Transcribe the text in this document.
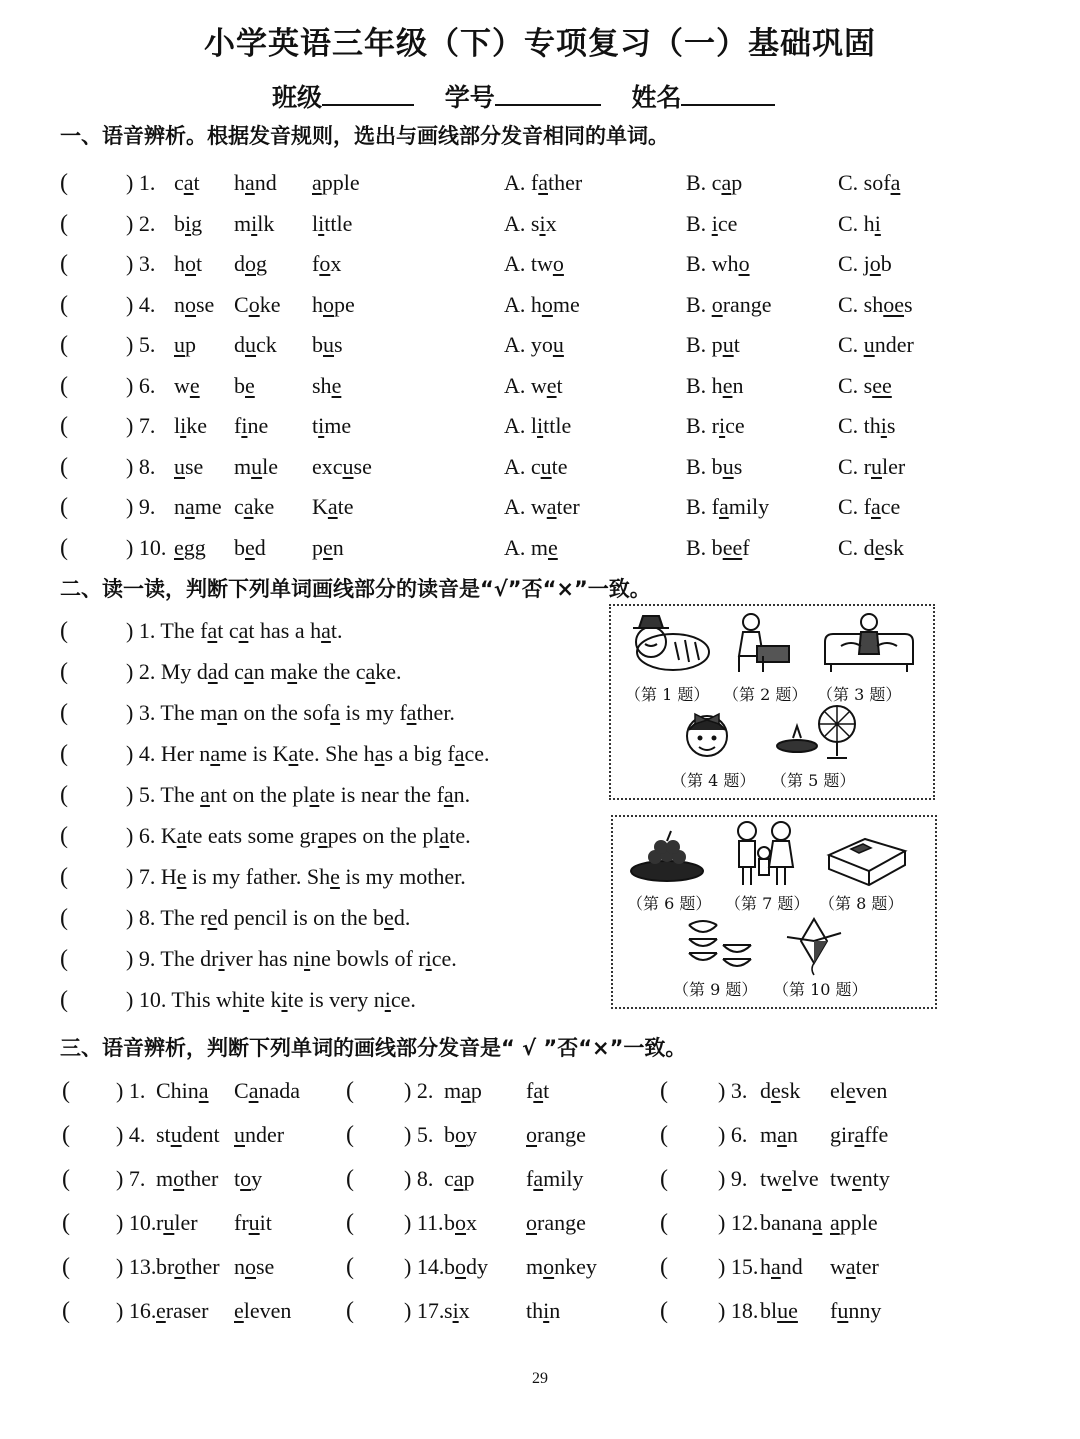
小学英语三年级（下）专项复习（一）基础巩固
班级	学号	姓名
一、语音辨析。根据发音规则，选出与画线部分发音相同的单词。
(	) 1. cat hand apple	A. father	B. cap	C. sofa
(	) 2. big milk little	A. six	B. ice	C. hi
(	) 3. hot dog fox	A. two	B. who	C. job
(	) 4. nose Coke hope	A. home	B. orange	C. shoes
(	) 5. up duck bus	A. you	B. put	C. under
(	) 6. we be	she	A. wet	B. hen	C. see
(	) 7. like fine time	A. little	B. rice	C. this
(	) 8. use mule excuse	A. cute	B. bus	C. ruler
(	) 9. name cake Kate	A. water	B. family	C. face
(	) 10. egg bed pen	A. me	B. beef	C. desk
二、读一读，判断下列单词画线部分的读音是“√”否“×”一致。
(	) 1. The fat cat has a hat.
(	) 2. My dad can make the cake.
(	) 3. The man on the sofa is my father.
(	) 4. Her name is Kate. She has a big face.
(	) 5. The ant on the plate is near the fan.
(	) 6. Kate eats some grapes on the plate.
(	) 7. He is my father. She is my mother.
(	) 8. The red pencil is on the bed.
(	) 9. The driver has nine bowls of rice.
(	) 10. This white kite is very nice.
（第 1 题） （第 2 题） （第 3 题）
（第 4 题） （第 5 题）
（第 6 题） （第 7 题） （第 8 题）
（第 9 题） （第 10 题）
三、语音辨析，判断下列单词的画线部分发音是“ √ ”否“×”一致。
( ) 1. China Canada ( ) 2. map fat	( ) 3. desk eleven
( ) 4. student under	( ) 5. boy orange	( ) 6. man giraffe
( ) 7. mother toy	( ) 8. cap family	( ) 9. twelve twenty
( ) 10. ruler fruit	( ) 11. box orange	( ) 12. banana apple
( ) 13. brother nose	( ) 14. body monkey	( ) 15. hand water
( ) 16. eraser eleven ( ) 17. six	thin	( ) 18. blue funny
29
